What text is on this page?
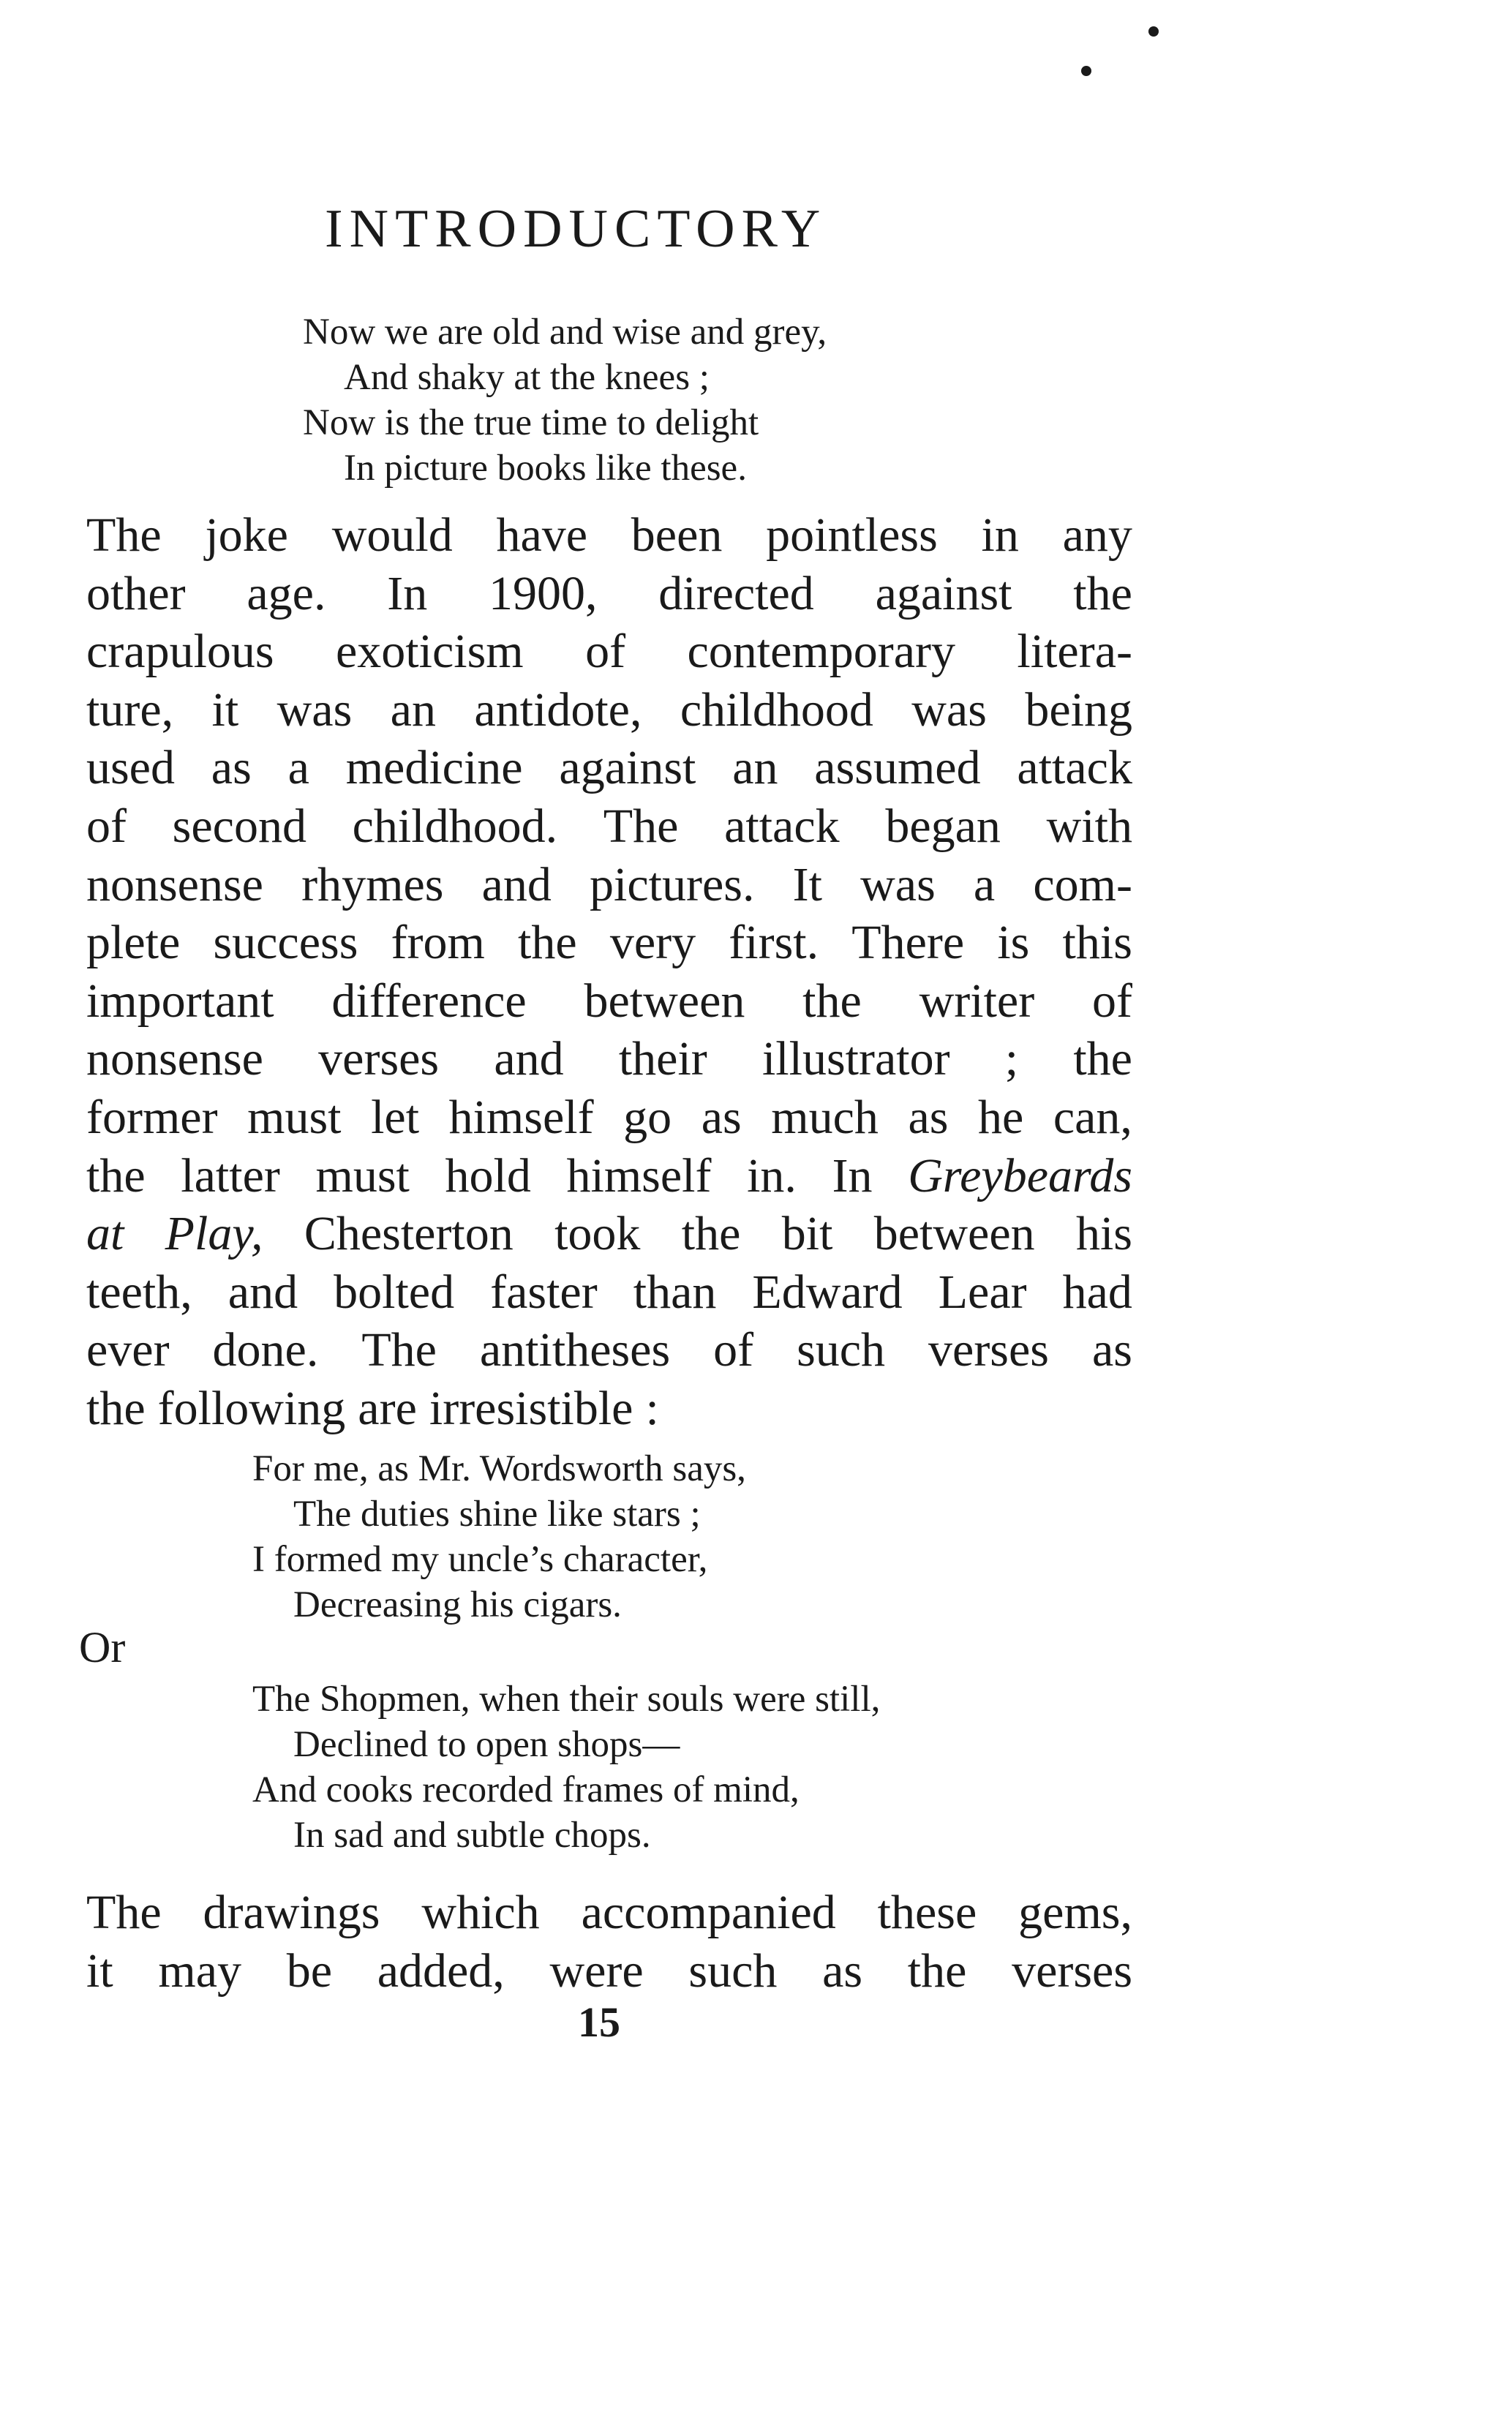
INTRODUCTORY
Now we are old and wise and grey,
And shaky at the knees ;
Now is the true time to delight
In picture books like these.
The joke would have been pointless in any
other age. In 1900, directed against the
crapulous exoticism of contemporary litera-
ture, it was an antidote, childhood was being
used as a medicine against an assumed attack
of second childhood. The attack began with
nonsense rhymes and pictures. It was a com-
plete success from the very first. There is this
important difference between the writer of
nonsense verses and their illustrator ; the
former must let himself go as much as he can,
the latter must hold himself in. In Greybeards
at Play, Chesterton took the bit between his
teeth, and bolted faster than Edward Lear had
ever done. The antitheses of such verses as
the following are irresistible :
For me, as Mr. Wordsworth says,
The duties shine like stars ;
I formed my uncle’s character,
Decreasing his cigars.
Or
The Shopmen, when their souls were still,
Declined to open shops—
And cooks recorded frames of mind,
In sad and subtle chops.
The drawings which accompanied these gems,
it may be added, were such as the verses
15
